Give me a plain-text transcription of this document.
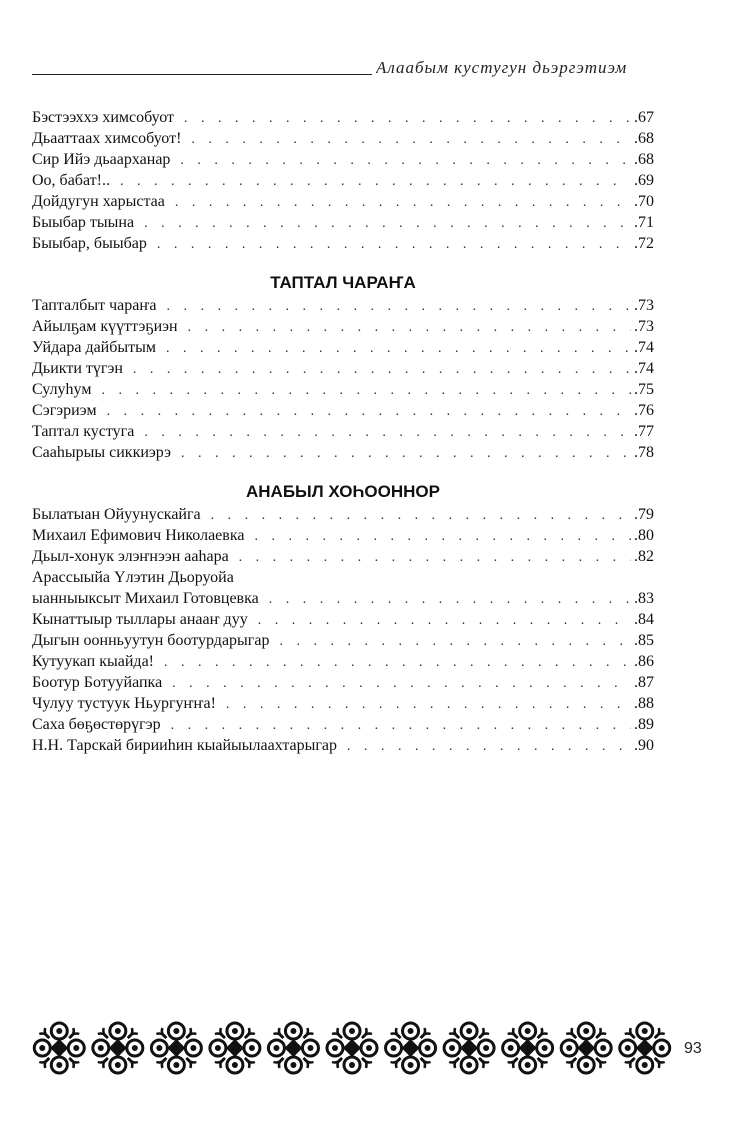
Алаабым кустугун дьэргэтиэм
Бэстээххэ химсобуот . . .	.67
Дьааттаах химсобуот! . . .	.68
Сир Ийэ дьаарханар . . .	.68
Оо, бабат!.. . . .	.69
Дойдугун харыстаа . . .	.70
Быыбар тыына . . .	.71
Быыбар, быыбар . . .	.72
ТАПТАЛ ЧАРАҤА
Тапталбыт чараҥа . . .	.73
Айылҕам күүттэҕиэн . . .	.73
Уйдара дайбытым . . .	.74
Дьикти түгэн . . .	.74
Сулуһум . . .	.75
Сэгэриэм . . .	.76
Таптал кустуга . . .	.77
Сааһырыы сиккиэрэ . . .	.78
АНАБЫЛ ХОҺООННОР
Былатыан Ойуунускайга . . .	.79
Михаил Ефимович Николаевка . . .	.80
Дьыл-хонук элэҥнээн ааһара . . .	.82
Арассыыйа Үлэтин Дьоруойа
ыанныыксыт Михаил Готовцевка . . .	.83
Кынаттыыр тыллары анааҥ дуу . . .	.84
Дыгын оонньуутун боотурдарыгар . . .	.85
Кутуукап кыайда! . . .	.86
Боотур Ботууйапка . . .	.87
Чулуу тустуук Ньургуҥҥа! . . .	.88
Саха бөҕөстөрүгэр . . .	.89
Н.Н. Тарскай бирииһин кыайыылаахтарыгар . . .	.90
93
